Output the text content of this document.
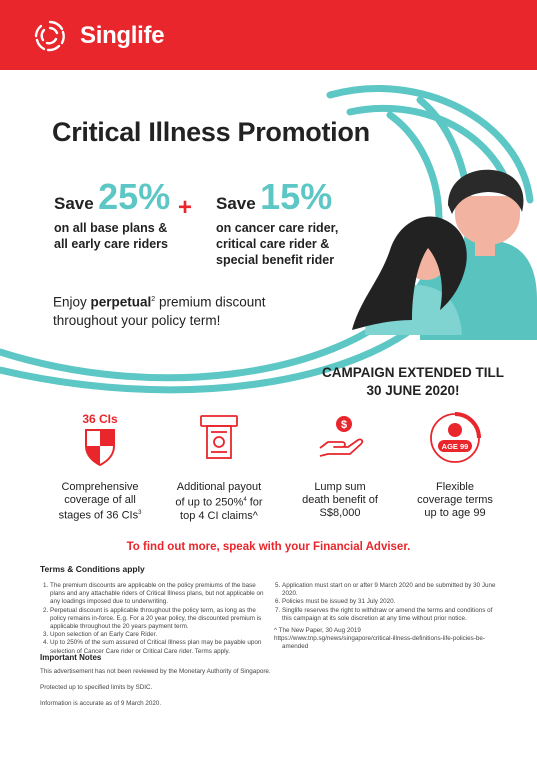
Singlife
Critical Illness Promotion
Save 25%
on all base plans &
all early care riders
+ Save 15%
on cancer care rider,
critical care rider &
special benefit rider
Enjoy perpetual$^2$ premium discount
throughout your policy term!
CAMPAIGN EXTENDED TILL
30 JUNE 2020!
36 CIs
Comprehensive
coverage of all
stages of 36 CIs$^3$
Additional payout
of up to 250%$^4$ for
top 4 CI claims^
$
Lump sum
death benefit of
S$8,000
AGE 99
Flexible
coverage terms
up to age 99
To find out more, speak with your Financial Adviser.
Terms & Conditions apply
1. The premium discounts are applicable on the policy premiums of the base plans and any attachable riders of Critical Illness plans, but not applicable on any loadings imposed due to underwriting.
2. Perpetual discount is applicable throughout the policy term, as long as the policy remains in-force. E.g. For a 20 year policy, the discounted premium is applicable throughout the 20 years payment term.
3. Upon selection of an Early Care Rider.
4. Up to 250% of the sum assured of Critical Illness plan may be payable upon selection of Cancer Care rider or Critical Care rider. Terms apply.
5. Application must start on or after 9 March 2020 and be submitted by 30 June 2020.
6. Policies must be issued by 31 July 2020.
7. Singlife reserves the right to withdraw or amend the terms and conditions of this campaign at its sole discretion at any time without prior notice.
^ The New Paper, 30 Aug 2019
https://www.tnp.sg/news/singapore/critical-illness-definitions-life-policies-be-amended
Important Notes
This advertisement has not been reviewed by the Monetary Authority of Singapore.
Protected up to specified limits by SDIC.
Information is accurate as of 9 March 2020.
